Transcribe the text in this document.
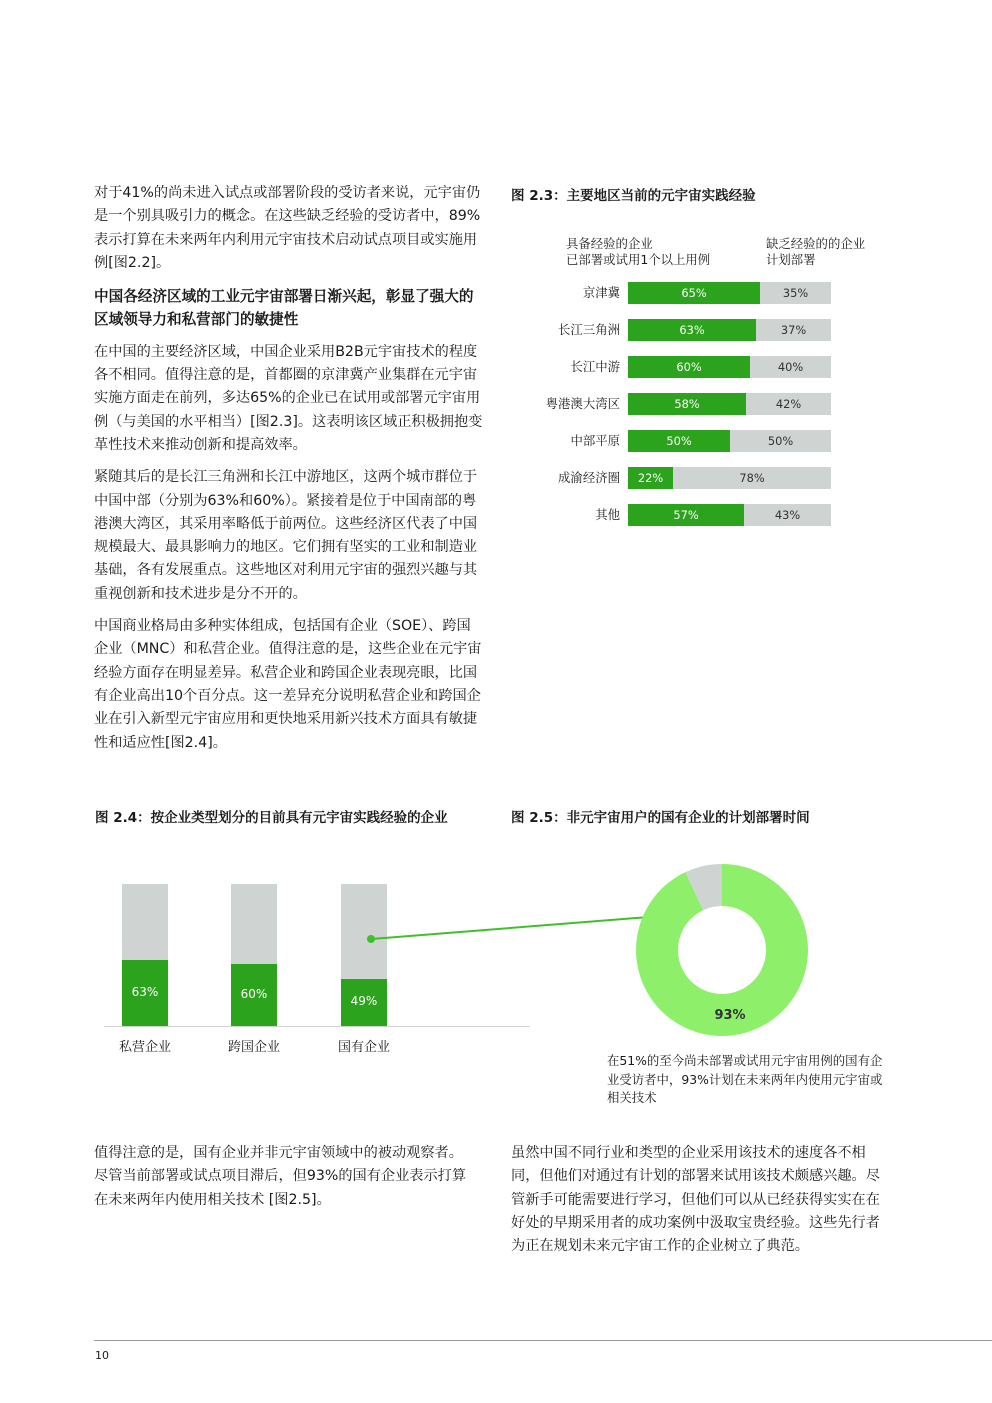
对于41%的尚未进入试点或部署阶段的受访者来说，元宇宙仍是一个别具吸引力的概念。在这些缺乏经验的受访者中，89%表示打算在未来两年内利用元宇宙技术启动试点项目或实施用例[图2.2]。

中国各经济区域的工业元宇宙部署日渐兴起，彰显了强大的区域领导力和私营部门的敏捷性

在中国的主要经济区域，中国企业采用B2B元宇宙技术的程度各不相同。值得注意的是，首都圈的京津冀产业集群在元宇宙实施方面走在前列，多达65%的企业已在试用或部署元宇宙用例（与美国的水平相当）[图2.3]。这表明该区域正积极拥抱变革性技术来推动创新和提高效率。

紧随其后的是长江三角洲和长江中游地区，这两个城市群位于中国中部（分别为63%和60%）。紧接着是位于中国南部的粤港澳大湾区，其采用率略低于前两位。这些经济区代表了中国规模最大、最具影响力的地区。它们拥有坚实的工业和制造业基础，各有发展重点。这些地区对利用元宇宙的强烈兴趣与其重视创新和技术进步是分不开的。

中国商业格局由多种实体组成，包括国有企业（SOE）、跨国企业（MNC）和私营企业。值得注意的是，这些企业在元宇宙经验方面存在明显差异。私营企业和跨国企业表现亮眼，比国有企业高出10个百分点。这一差异充分说明私营企业和跨国企业在引入新型元宇宙应用和更快地采用新兴技术方面具有敏捷性和适应性[图2.4]。

图 2.3：主要地区当前的元宇宙实践经验
具备经验的企业
已部署或试用1个以上用例
缺乏经验的的企业
计划部署
京津冀	65%	35%
长江三角洲	63%	37%
长江中游	60%	40%
粤港澳大湾区	58%	42%
中部平原	50%	50%
成渝经济圈	22%	78%
其他	57%	43%
图 2.4：按企业类型划分的目前具有元宇宙实践经验的企业
63%
私营企业
60%
跨国企业
49%
国有企业
图 2.5：非元宇宙用户的国有企业的计划部署时间
93%
在51%的至今尚未部署或试用元宇宙用例的国有企业受访者中，93%计划在未来两年内使用元宇宙或相关技术
值得注意的是，国有企业并非元宇宙领域中的被动观察者。尽管当前部署或试点项目滞后，但93%的国有企业表示打算在未来两年内使用相关技术 [图2.5]。
虽然中国不同行业和类型的企业采用该技术的速度各不相同，但他们对通过有计划的部署来试用该技术颇感兴趣。尽管新手可能需要进行学习，但他们可以从已经获得实实在在好处的早期采用者的成功案例中汲取宝贵经验。这些先行者为正在规划未来元宇宙工作的企业树立了典范。
10
